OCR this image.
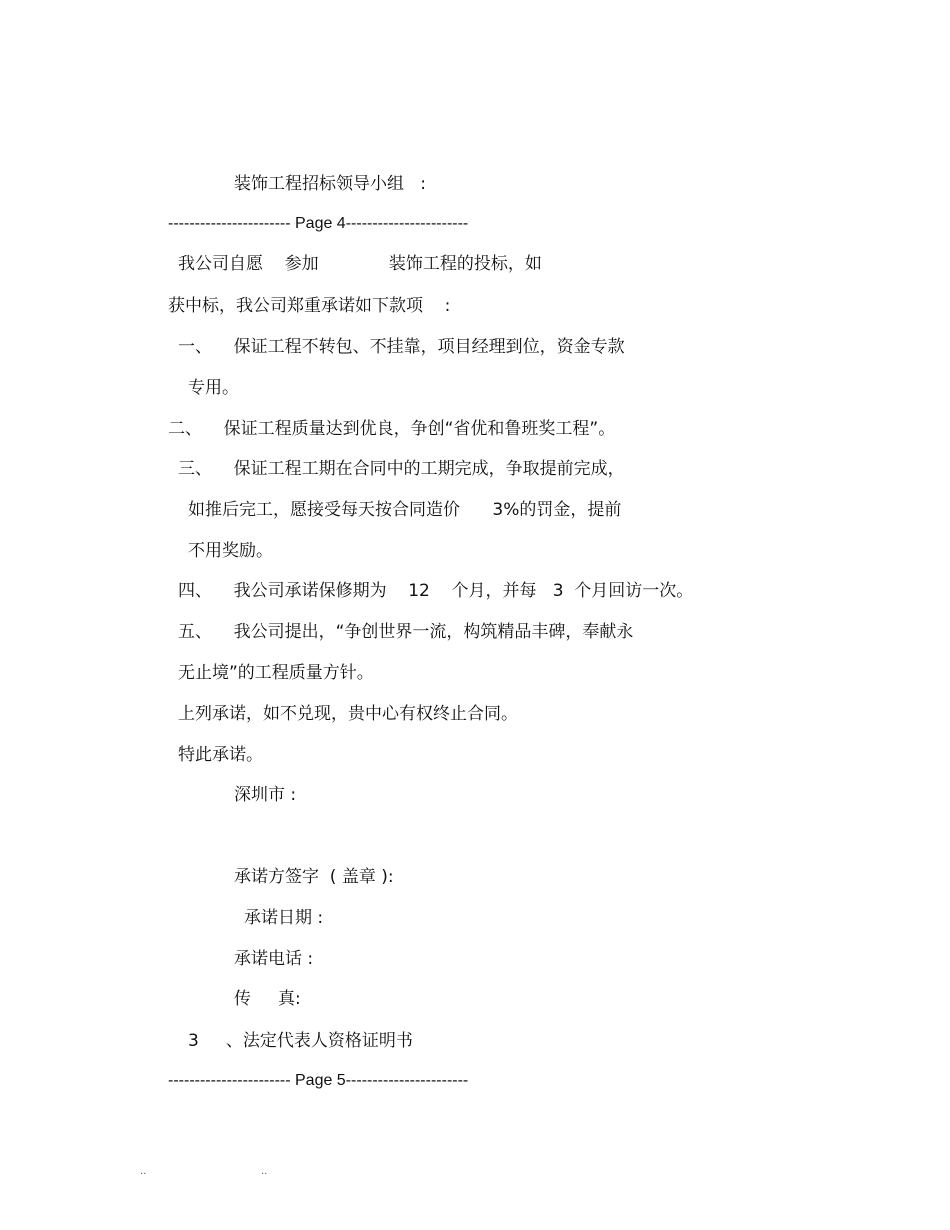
装饰工程招标领导小组   :
----------------------- Page 4-----------------------
我公司自愿    参加             装饰工程的投标，如
获中标，我公司郑重承诺如下款项    :
一、    保证工程不转包、不挂靠，项目经理到位，资金专款
专用。
二、    保证工程质量达到优良，争创“省优和鲁班奖工程”。
三、    保证工程工期在合同中的工期完成，争取提前完成，
如推后完工，愿接受每天按合同造价      3%的罚金，提前
不用奖励。
四、    我公司承诺保修期为    12    个月，并每   3  个月回访一次。
五、    我公司提出，“争创世界一流，构筑精品丰碑，奉献永
无止境”的工程质量方针。
上列承诺，如不兑现，贵中心有权终止合同。
特此承诺。
深圳市 :
承诺方签字  ( 盖章 ):
承诺日期 :
承诺电话 :
传     真:
3     、法定代表人资格证明书
----------------------- Page 5-----------------------
..	..
